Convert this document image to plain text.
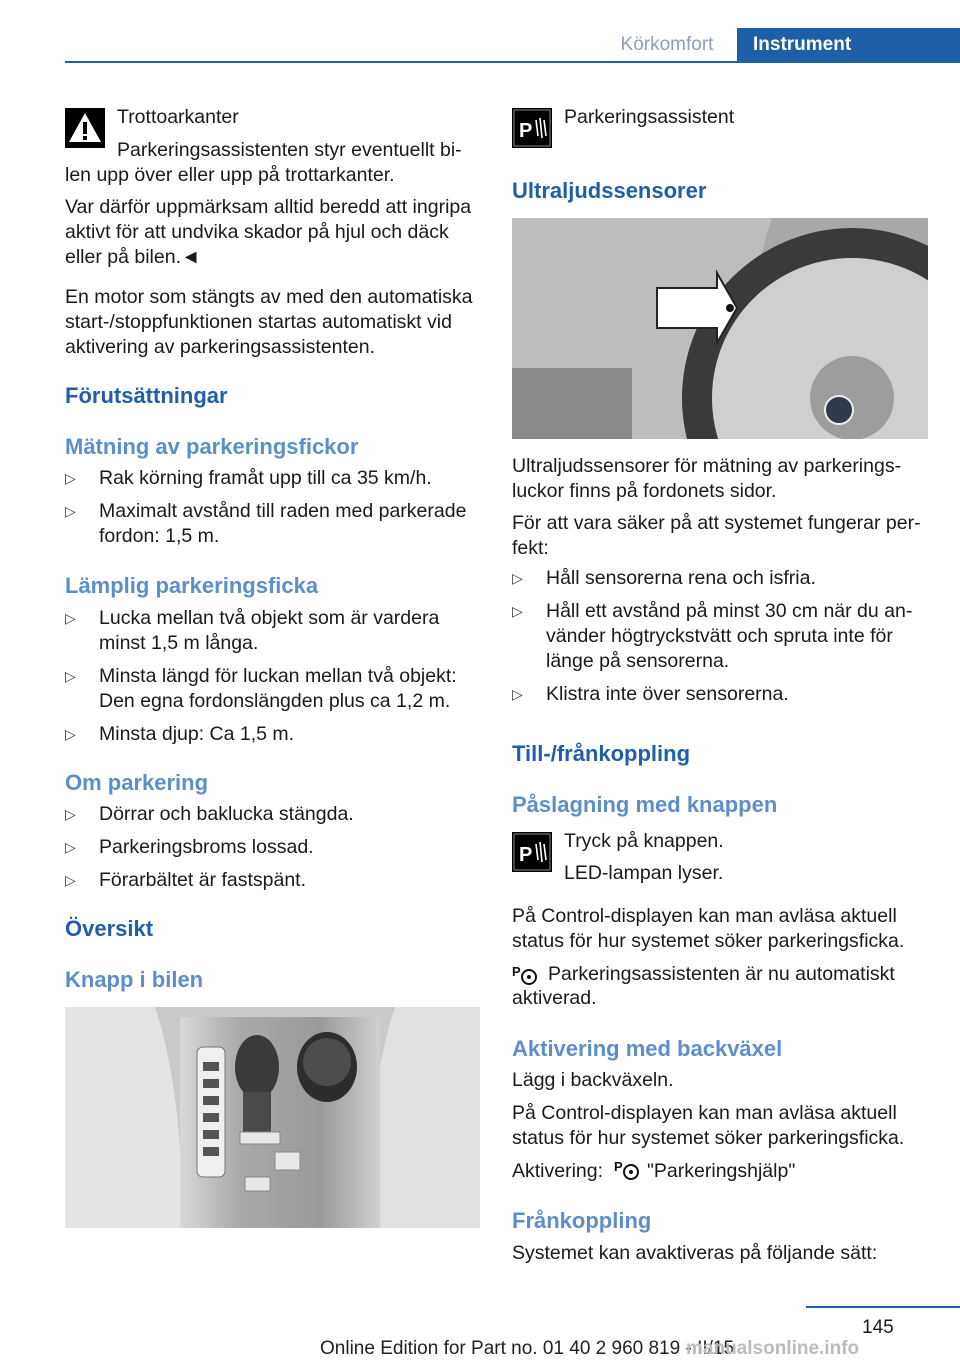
Körkomfort	Instrument

Trottoarkanter

Parkeringsassistenten styr eventuellt bi-

len upp över eller upp på trottarkanter.

Var därför uppmärksam alltid beredd att ingripa aktivt för att undvika skador på hjul och däck eller på bilen.◄

En motor som stängts av med den automatiska start-/stoppfunktionen startas automatiskt vid aktivering av parkeringsassistenten.

Förutsättningar
Mätning av parkeringsfickor
▷ Rak körning framåt upp till ca 35 km/h.
▷ Maximalt avstånd till raden med parkerade fordon: 1,5 m.
Lämplig parkeringsficka
▷ Lucka mellan två objekt som är vardera minst 1,5 m långa.
▷ Minsta längd för luckan mellan två objekt: Den egna fordonslängden plus ca 1,2 m.
▷ Minsta djup: Ca 1,5 m.
Om parkering
▷ Dörrar och baklucka stängda.
▷ Parkeringsbroms lossad.
▷ Förarbältet är fastspänt.
Översikt
Knapp i bilen
P

Parkeringsassistent

Ultraljudssensorer

Ultraljudssensorer för mätning av parkerings-luckor finns på fordonets sidor.

För att vara säker på att systemet fungerar per-fekt:

▷ Håll sensorerna rena och isfria.
▷ Håll ett avstånd på minst 30 cm när du an-vänder högtryckstvätt och spruta inte för länge på sensorerna.
▷ Klistra inte över sensorerna.
Till-/frånkoppling
Påslagning med knappen
P

Tryck på knappen.

LED-lampan lyser.

På Control-displayen kan man avläsa aktuell status för hur systemet söker parkeringsficka.

P Parkeringsassistenten är nu automatiskt

aktiverad.

Aktivering med backväxel

Lägg i backväxeln.

På Control-displayen kan man avläsa aktuell status för hur systemet söker parkeringsficka.

Aktivering: P "Parkeringshjälp"

Frånkoppling

Systemet kan avaktiveras på följande sätt:

145
Online Edition for Part no. 01 40 2 960 819 - II/15
manualsonline.info
